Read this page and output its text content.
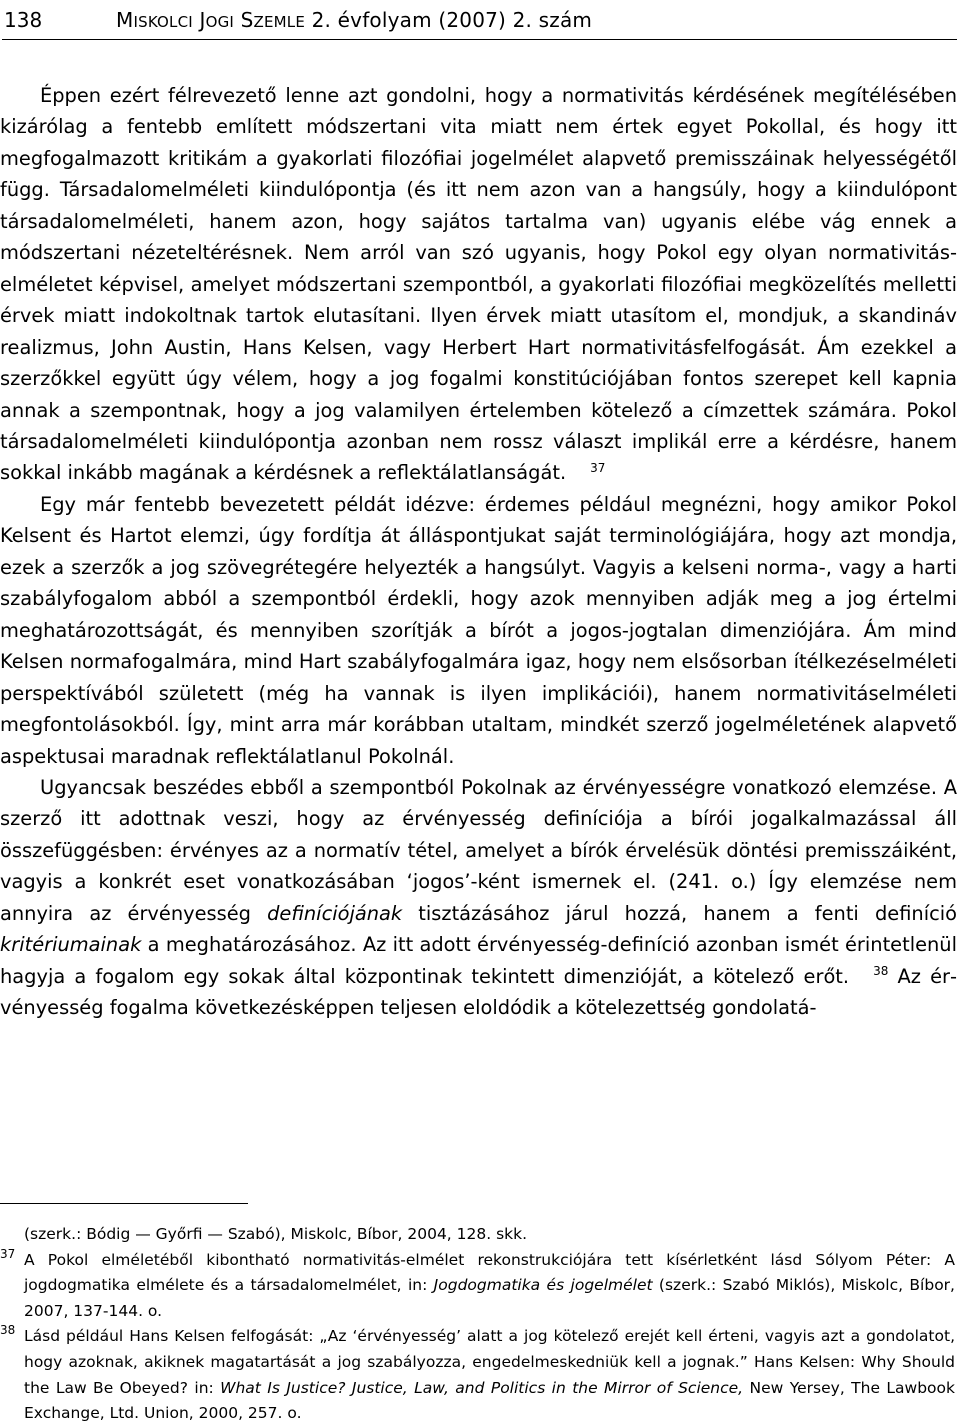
138	MISKOLCI JOGI SZEMLE 2. évfolyam (2007) 2. szám

Éppen ezért félrevezető lenne azt gondolni, hogy a normativitás kérdésének megítélésében kizárólag a fentebb említett módszertani vita miatt nem értek egyet Pokollal, és hogy itt megfogalmazott kritikám a gyakorlati filozófiai jogelmélet alapvető premisszáinak helyességétől függ. Társadalomelméleti kiindulópontja (és itt nem azon van a hangsúly, hogy a kiindulópont társadalomelméleti, hanem azon, hogy sajátos tartalma van) ugyanis elébe vág ennek a módszertani nézeteltérésnek. Nem arról van szó ugyanis, hogy Pokol egy olyan normativitás-elméletet képvisel, amelyet módszertani szempontból, a gyakorlati filozófiai megközelítés melletti érvek miatt indokoltnak tartok elutasítani. Ilyen érvek miatt utasítom el, mondjuk, a skandináv realizmus, John Austin, Hans Kelsen, vagy Herbert Hart normativitásfelfogását. Ám ezekkel a szerzőkkel együtt úgy vélem, hogy a jog fogalmi konstitúciójában fontos szerepet kell kapnia annak a szempontnak, hogy a jog valamilyen értelemben kötelező a címzettek számára. Pokol társadalomelméleti kiindulópontja azonban nem rossz választ implikál erre a kérdésre, hanem sokkal inkább magának a kérdésnek a reflektálatlanságát. $^{37}$

Egy már fentebb bevezetett példát idézve: érdemes például megnézni, hogy amikor Pokol Kelsent és Hartot elemzi, úgy fordítja át álláspontjukat saját terminológiájára, hogy azt mondja, ezek a szerzők a jog szövegrétegére helyezték a hangsúlyt. Vagyis a kelseni norma-, vagy a harti szabályfogalom abból a szempontból érdekli, hogy azok mennyiben adják meg a jog értelmi meghatározottságát, és mennyiben szorítják a bírót a jogos-jogtalan dimenziójára. Ám mind Kelsen normafogalmára, mind Hart szabályfogalmára igaz, hogy nem elsősorban ítélkezéselméleti perspektívából született (még ha vannak is ilyen implikációi), hanem normativitáselméleti megfontolásokból. Így, mint arra már korábban utaltam, mindkét szerző jogelméletének alapvető aspektusai maradnak reflektálatlanul Pokolnál.

Ugyancsak beszédes ebből a szempontból Pokolnak az érvényességre vonatkozó elemzése. A szerző itt adottnak veszi, hogy az érvényesség definíciója a bírói jogalkalmazással áll összefüggésben: érvényes az a normatív tétel, amelyet a bírók érvelésük döntési premisszáiként, vagyis a konkrét eset vonatkozásában ‘jogos’-ként ismernek el. (241. o.) Így elemzése nem annyira az érvényesség definíciójának tisztázásához járul hozzá, hanem a fenti definíció kritériumainak a meghatározásához. Az itt adott érvényesség-definíció azonban ismét érintetlenül hagyja a fogalom egy sokak által központinak tekintett dimenzióját, a kötelező erőt. $^{38}$ Az érvényesség fogalma következésképpen teljesen eloldódik a kötelezettség gondolatá-

(szerk.: Bódig — Győrfi — Szabó), Miskolc, Bíbor, 2004, 128. skk.

37 A Pokol elméletéből kibontható normativitás-elmélet rekonstrukciójára tett kísérletként lásd Sólyom Péter: A jogdogmatika elmélete és a társadalomelmélet, in: Jogdogmatika és jogelmélet (szerk.: Szabó Miklós), Miskolc, Bíbor, 2007, 137-144. o.

38 Lásd például Hans Kelsen felfogását: „Az ‘érvényesség’ alatt a jog kötelező erejét kell érteni, vagyis azt a gondolatot, hogy azoknak, akiknek magatartását a jog szabályozza, engedelmeskedniük kell a jognak.” Hans Kelsen: Why Should the Law Be Obeyed? in: What Is Justice? Justice, Law, and Politics in the Mirror of Science, New Yersey, The Lawbook Exchange, Ltd. Union, 2000, 257. o.
